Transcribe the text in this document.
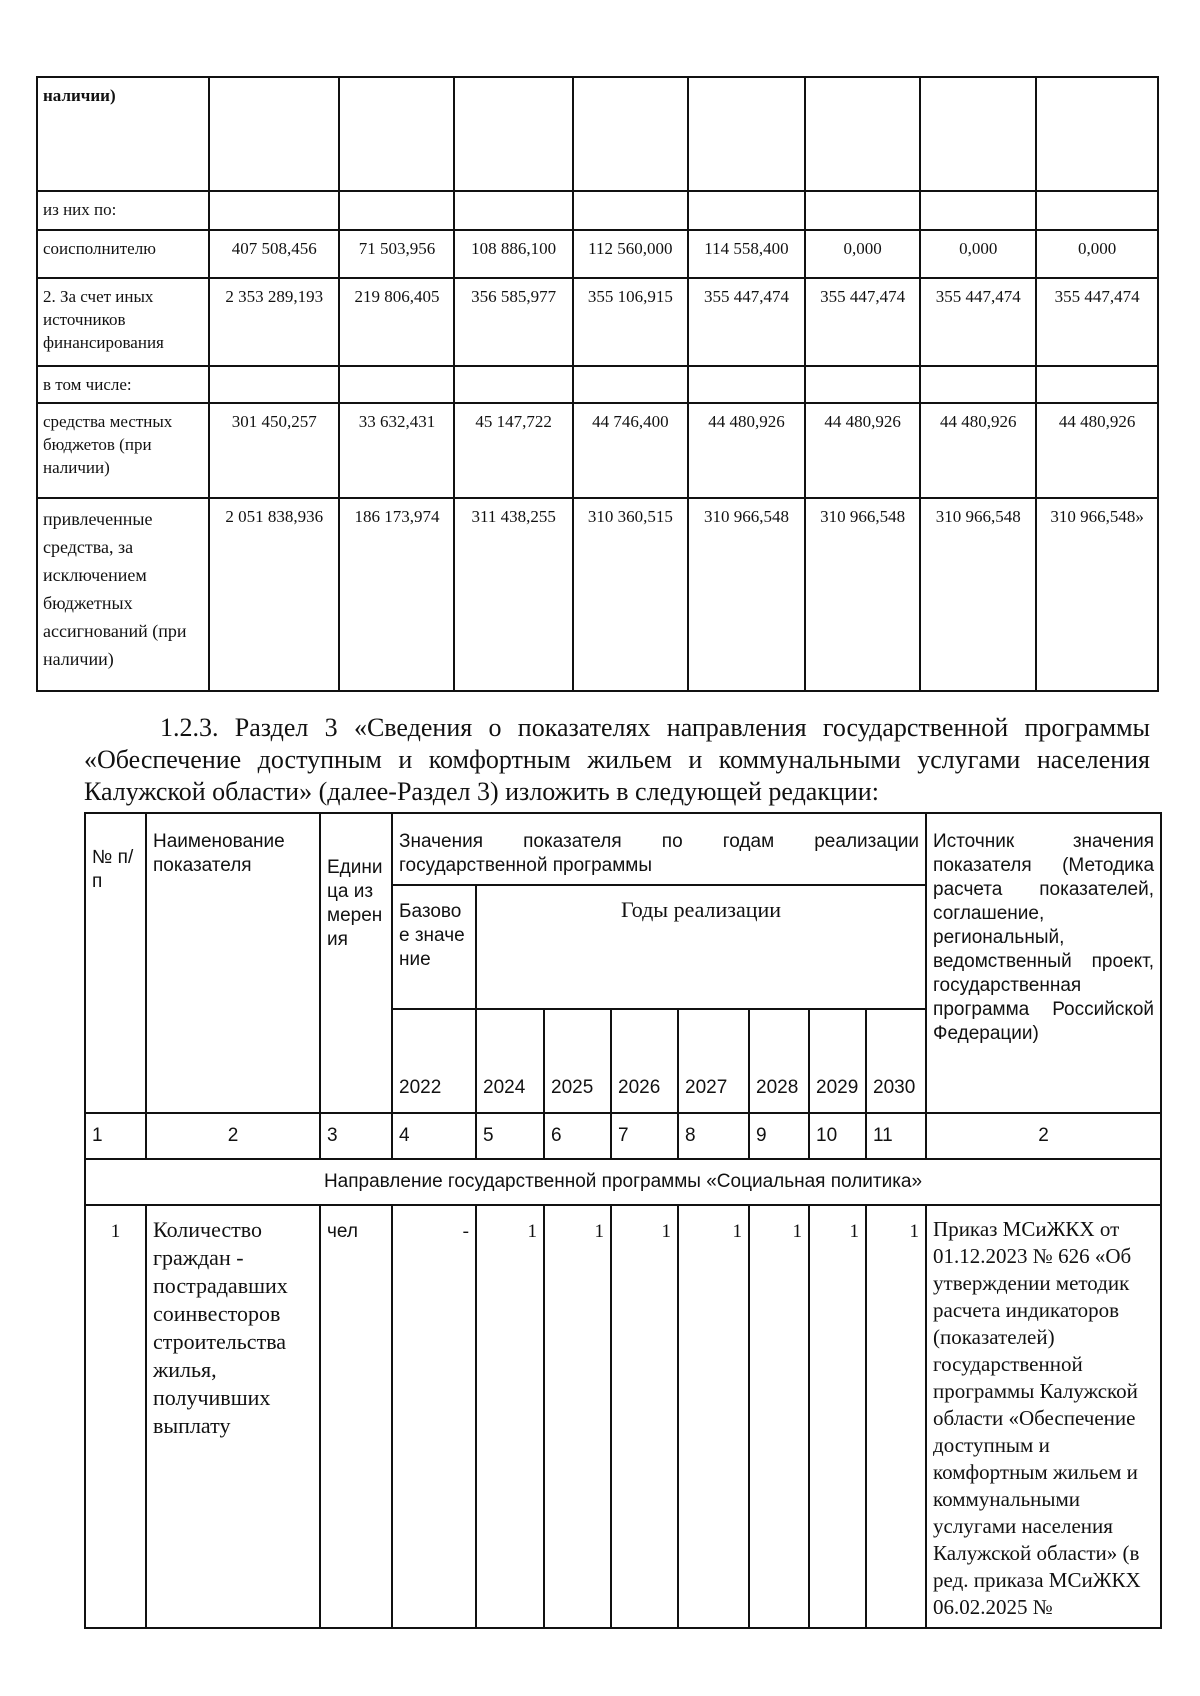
наличии)								
из них по:								
соисполнителю	407 508,456	71 503,956	108 886,100	112 560,000	114 558,400	0,000	0,000	0,000
2. За счет иных источников финансирования	2 353 289,193	219 806,405	356 585,977	355 106,915	355 447,474	355 447,474	355 447,474	355 447,474
в том числе:								
средства местных бюджетов (при наличии)	301 450,257	33 632,431	45 147,722	44 746,400	44 480,926	44 480,926	44 480,926	44 480,926
привлеченные средства, за исключением бюджетных ассигнований (при наличии)	2 051 838,936	186 173,974	311 438,255	310 360,515	310 966,548	310 966,548	310 966,548	310 966,548»

1.2.3. Раздел 3 «Сведения о показателях направления государственной программы «Обеспечение доступным и комфортным жильем и коммунальными услугами населения Калужской области» (далее-Раздел 3) изложить в следующей редакции:

№ п/п	Наименование показателя	Единица измерения	Значения показателя по годам реализации государственной программы								Источник значения показателя (Методика расчета показателей, соглашение, региональный, ведомственный проект, государственная программа Российской Федерации)
			Базовое значение	Годы реализации							
			2022	2024	2025	2026	2027	2028	2029	2030	
1	2	3	4	5	6	7	8	9	10	11	2
Направление государственной программы «Социальная политика»											
1	Количество граждан - пострадавших соинвесторов строительства жилья, получивших выплату	чел	-	1	1	1	1	1	1	1	Приказ МСиЖКХ от 01.12.2023 № 626 «Об утверждении методик расчета индикаторов (показателей) государственной программы Калужской области «Обеспечение доступным и комфортным жильем и коммунальными услугами населения Калужской области» (в ред. приказа МСиЖКХ 06.02.2025 №
